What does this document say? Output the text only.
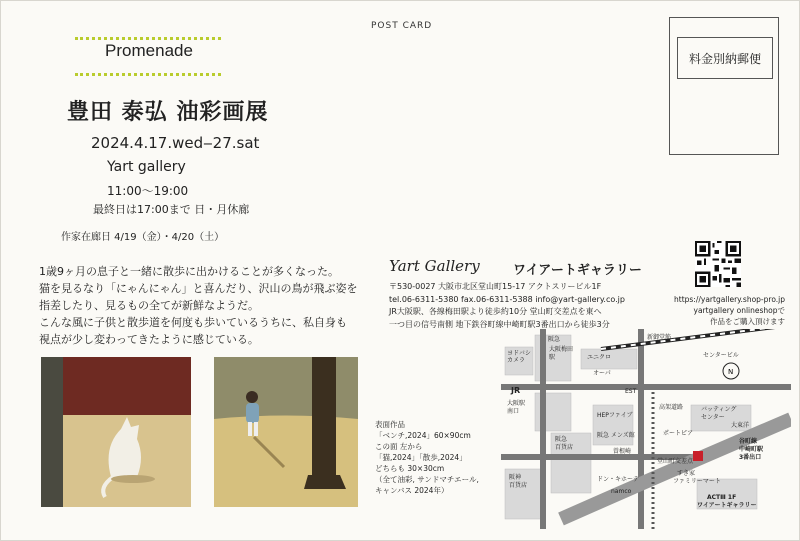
POST CARD
料金別納郵便
Promenade
豊田 泰弘 油彩画展
2024.4.17.wed‒27.sat
Yart gallery
11:00〜19:00
最終日は17:00まで 日・月休廊
作家在廊日 4/19（金）・4/20（土）
1歳9ヶ月の息子と一緒に散歩に出かけることが多くなった。
猫を見るなり「にゃんにゃん」と喜んだり、沢山の鳥が飛ぶ姿を
指差したり、見るもの全てが新鮮なようだ。
こんな風に子供と散歩道を何度も歩いているうちに、私自身も
視点が少し変わってきたように感じている。
Yart Gallery	ワイアートギャラリー
〒530-0027 大阪市北区堂山町15-17 アクトスリービル1F
tel.06-6311-5380 fax.06-6311-5388 info@yart-gallery.co.jp
JR大阪駅、各線梅田駅より徒歩約10分 堂山町交差点を東へ
一つ目の信号南側 地下鉄谷町線中崎町駅3番出口から徒歩3分
https://yartgallery.shop-pro.jp
yartgallery onlineshopで
作品をご購入頂けます
表面作品
「ベンチ,2024」60×90cm
この面 左から
「猫,2024」「散歩,2024」
どちらも 30×30cm
（全て油彩, サンドマチエール,
キャンバス 2024年）
阪急
ヨドバシ
カメラ
大阪梅田
駅	ユニクロ
オーパ
JR
大阪駅
南口
HEPファイブ
阪急
百貨店
阪急 メンズ館
曽根崎
新御堂筋
センタービル
EST
バッティング
センター
大東洋
ポートピア
すき家
ファミリーマート
ドン・キホーテ
namco
阪神
百貨店
高架道路
堂山町交差点
谷町線
中崎町駅
3番出口
ACTⅢ 1F
ワイアートギャラリー
N
